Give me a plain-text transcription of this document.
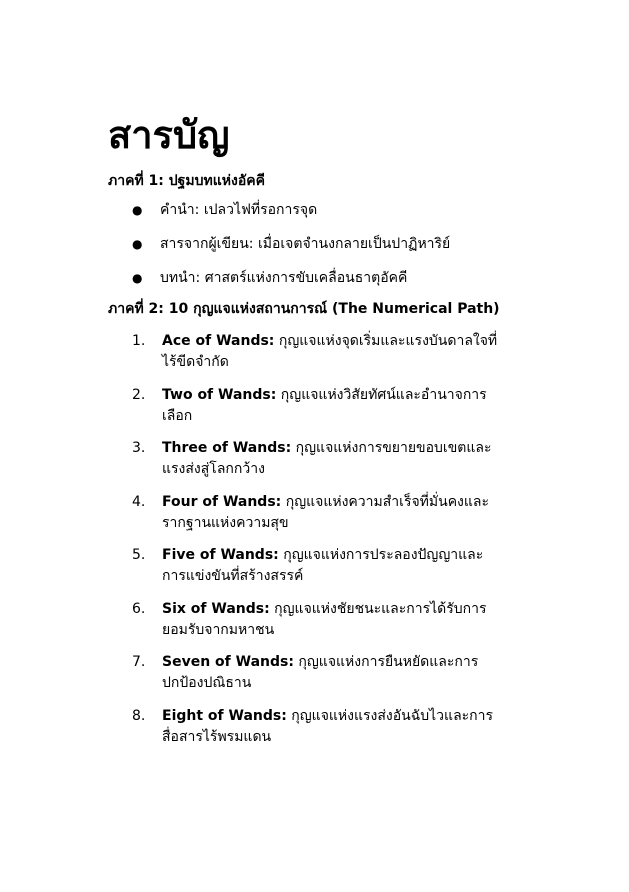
สารบัญ
ภาคที่ 1: ปฐมบทแห่งอัคคี
● คำนำ: เปลวไฟที่รอการจุด
● สารจากผู้เขียน: เมื่อเจตจำนงกลายเป็นปาฏิหาริย์
● บทนำ: ศาสตร์แห่งการขับเคลื่อนธาตุอัคคี
ภาคที่ 2: 10 กุญแจแห่งสถานการณ์ (The Numerical Path)
1. Ace of Wands: กุญแจแห่งจุดเริ่มและแรงบันดาลใจที่
ไร้ขีดจำกัด
2. Two of Wands: กุญแจแห่งวิสัยทัศน์และอำนาจการ
เลือก
3. Three of Wands: กุญแจแห่งการขยายขอบเขตและ
แรงส่งสู่โลกกว้าง
4. Four of Wands: กุญแจแห่งความสำเร็จที่มั่นคงและ
รากฐานแห่งความสุข
5. Five of Wands: กุญแจแห่งการประลองปัญญาและ
การแข่งขันที่สร้างสรรค์
6. Six of Wands: กุญแจแห่งชัยชนะและการได้รับการ
ยอมรับจากมหาชน
7. Seven of Wands: กุญแจแห่งการยืนหยัดและการ
ปกป้องปณิธาน
8. Eight of Wands: กุญแจแห่งแรงส่งอันฉับไวและการ
สื่อสารไร้พรมแดน
